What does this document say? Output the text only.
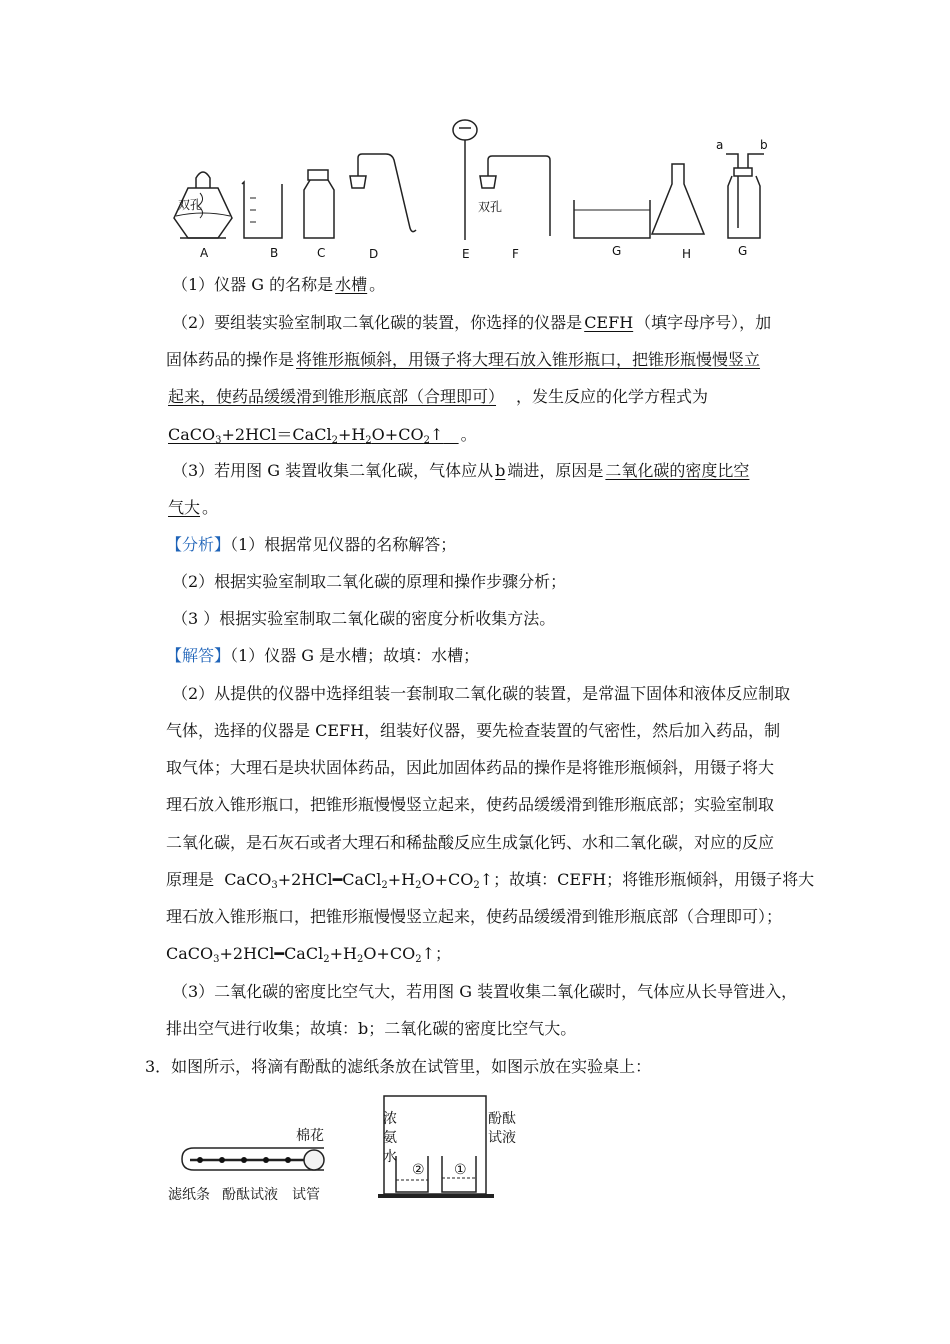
双孔	双孔
a	b
A	B	C	D	E	F	G	H	G
（1）仪器 G 的名称是 水槽 。
（2）要组装实验室制取二氧化碳的装置，你选择的仪器是 CEFH （填字母序号），加
固体药品的操作是 将锥形瓶倾斜，用镊子将大理石放入锥形瓶口，把锥形瓶慢慢竖立
起来，使药品缓缓滑到锥形瓶底部（合理即可） ，发生反应的化学方程式为
$CaCO_3+2HCl=CaCl_2+H_2O+CO_2↑$ 。
（3）若用图 G 装置收集二氧化碳，气体应从 b 端进，原因是 二氧化碳的密度比空
气大 。
【分析】（1）根据常见仪器的名称解答；
（2）根据实验室制取二氧化碳的原理和操作步骤分析；
（3 ）根据实验室制取二氧化碳的密度分析收集方法。
【解答】（1）仪器 G 是水槽；故填：水槽；
（2）从提供的仪器中选择组装一套制取二氧化碳的装置，是常温下固体和液体反应制取
气体，选择的仪器是 CEFH，组装好仪器，要先检查装置的气密性，然后加入药品，制
取气体；大理石是块状固体药品，因此加固体药品的操作是将锥形瓶倾斜，用镊子将大
理石放入锥形瓶口，把锥形瓶慢慢竖立起来，使药品缓缓滑到锥形瓶底部；实验室制取
二氧化碳，是石灰石或者大理石和稀盐酸反应生成氯化钙、水和二氧化碳，对应的反应
原理是 $CaCO_3+2HCl━CaCl_2+H_2O+CO_2↑$；故填：CEFH；将锥形瓶倾斜，用镊子将大
理石放入锥形瓶口，把锥形瓶慢慢竖立起来，使药品缓缓滑到锥形瓶底部（合理即可）；
$CaCO_3+2HCl━CaCl_2+H_2O+CO_2↑$；
（3）二氧化碳的密度比空气大，若用图 G 装置收集二氧化碳时，气体应从长导管进入，
排出空气进行收集；故填：b；二氧化碳的密度比空气大。
3．如图所示，将滴有酚酞的滤纸条放在试管里，如图示放在实验桌上：
棉花
滤纸条 酚酞试液 试管
浓
氨
水
酚酞
试液
② ①
